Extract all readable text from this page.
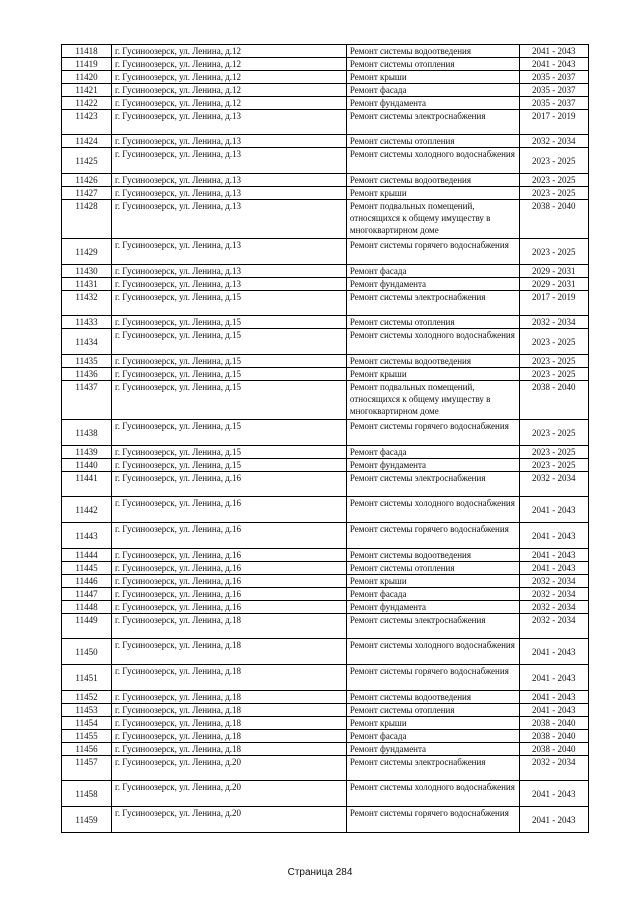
11418	г. Гусиноозерск, ул. Ленина, д.12	Ремонт системы водоотведения	2041 - 2043
11419	г. Гусиноозерск, ул. Ленина, д.12	Ремонт системы отопления	2041 - 2043
11420	г. Гусиноозерск, ул. Ленина, д.12	Ремонт крыши	2035 - 2037
11421	г. Гусиноозерск, ул. Ленина, д.12	Ремонт фасада	2035 - 2037
11422	г. Гусиноозерск, ул. Ленина, д.12	Ремонт фундамента	2035 - 2037
11423	г. Гусиноозерск, ул. Ленина, д.13	Ремонт системы электроснабжения	2017 - 2019
11424	г. Гусиноозерск, ул. Ленина, д.13	Ремонт системы отопления	2032 - 2034
11425	г. Гусиноозерск, ул. Ленина, д.13	Ремонт системы холодного водоснабжения	2023 - 2025
11426	г. Гусиноозерск, ул. Ленина, д.13	Ремонт системы водоотведения	2023 - 2025
11427	г. Гусиноозерск, ул. Ленина, д.13	Ремонт крыши	2023 - 2025
11428	г. Гусиноозерск, ул. Ленина, д.13	Ремонт подвальных помещений, относящихся к общему имуществу в многоквартирном доме	2038 - 2040
11429	г. Гусиноозерск, ул. Ленина, д.13	Ремонт системы горячего водоснабжения	2023 - 2025
11430	г. Гусиноозерск, ул. Ленина, д.13	Ремонт фасада	2029 - 2031
11431	г. Гусиноозерск, ул. Ленина, д.13	Ремонт фундамента	2029 - 2031
11432	г. Гусиноозерск, ул. Ленина, д.15	Ремонт системы электроснабжения	2017 - 2019
11433	г. Гусиноозерск, ул. Ленина, д.15	Ремонт системы отопления	2032 - 2034
11434	г. Гусиноозерск, ул. Ленина, д.15	Ремонт системы холодного водоснабжения	2023 - 2025
11435	г. Гусиноозерск, ул. Ленина, д.15	Ремонт системы водоотведения	2023 - 2025
11436	г. Гусиноозерск, ул. Ленина, д.15	Ремонт крыши	2023 - 2025
11437	г. Гусиноозерск, ул. Ленина, д.15	Ремонт подвальных помещений, относящихся к общему имуществу в многоквартирном доме	2038 - 2040
11438	г. Гусиноозерск, ул. Ленина, д.15	Ремонт системы горячего водоснабжения	2023 - 2025
11439	г. Гусиноозерск, ул. Ленина, д.15	Ремонт фасада	2023 - 2025
11440	г. Гусиноозерск, ул. Ленина, д.15	Ремонт фундамента	2023 - 2025
11441	г. Гусиноозерск, ул. Ленина, д.16	Ремонт системы электроснабжения	2032 - 2034
11442	г. Гусиноозерск, ул. Ленина, д.16	Ремонт системы холодного водоснабжения	2041 - 2043
11443	г. Гусиноозерск, ул. Ленина, д.16	Ремонт системы горячего водоснабжения	2041 - 2043
11444	г. Гусиноозерск, ул. Ленина, д.16	Ремонт системы водоотведения	2041 - 2043
11445	г. Гусиноозерск, ул. Ленина, д.16	Ремонт системы отопления	2041 - 2043
11446	г. Гусиноозерск, ул. Ленина, д.16	Ремонт крыши	2032 - 2034
11447	г. Гусиноозерск, ул. Ленина, д.16	Ремонт фасада	2032 - 2034
11448	г. Гусиноозерск, ул. Ленина, д.16	Ремонт фундамента	2032 - 2034
11449	г. Гусиноозерск, ул. Ленина, д.18	Ремонт системы электроснабжения	2032 - 2034
11450	г. Гусиноозерск, ул. Ленина, д.18	Ремонт системы холодного водоснабжения	2041 - 2043
11451	г. Гусиноозерск, ул. Ленина, д.18	Ремонт системы горячего водоснабжения	2041 - 2043
11452	г. Гусиноозерск, ул. Ленина, д.18	Ремонт системы водоотведения	2041 - 2043
11453	г. Гусиноозерск, ул. Ленина, д.18	Ремонт системы отопления	2041 - 2043
11454	г. Гусиноозерск, ул. Ленина, д.18	Ремонт крыши	2038 - 2040
11455	г. Гусиноозерск, ул. Ленина, д.18	Ремонт фасада	2038 - 2040
11456	г. Гусиноозерск, ул. Ленина, д.18	Ремонт фундамента	2038 - 2040
11457	г. Гусиноозерск, ул. Ленина, д.20	Ремонт системы электроснабжения	2032 - 2034
11458	г. Гусиноозерск, ул. Ленина, д.20	Ремонт системы холодного водоснабжения	2041 - 2043
11459	г. Гусиноозерск, ул. Ленина, д.20	Ремонт системы горячего водоснабжения	2041 - 2043
Страница 284
